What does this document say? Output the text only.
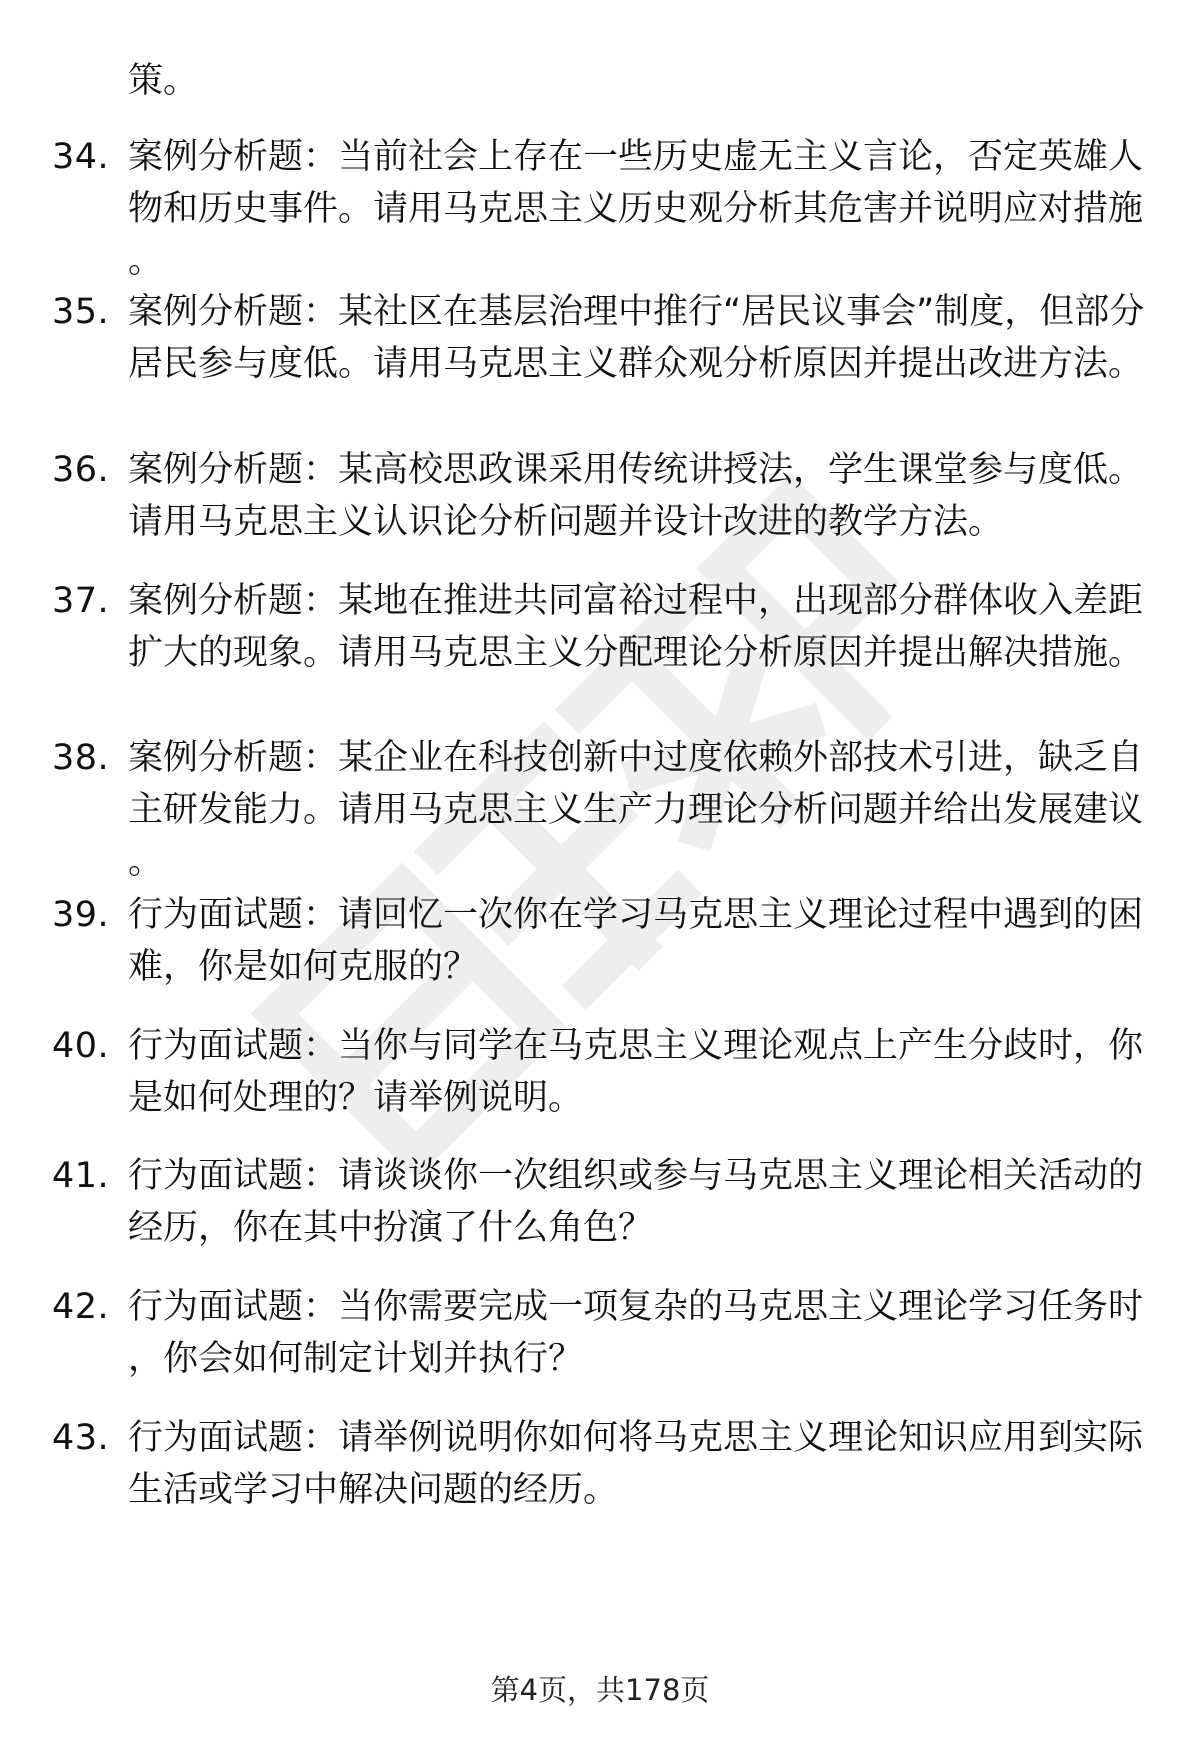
策。

34. 案例分析题：当前社会上存在一些历史虚无主义言论，否定英雄人物和历史事件。请用马克思主义历史观分析其危害并说明应对措施。
35. 案例分析题：某社区在基层治理中推行“居民议事会”制度，但部分居民参与度低。请用马克思主义群众观分析原因并提出改进方法。
36. 案例分析题：某高校思政课采用传统讲授法，学生课堂参与度低。请用马克思主义认识论分析问题并设计改进的教学方法。
37. 案例分析题：某地在推进共同富裕过程中，出现部分群体收入差距扩大的现象。请用马克思主义分配理论分析原因并提出解决措施。
38. 案例分析题：某企业在科技创新中过度依赖外部技术引进，缺乏自主研发能力。请用马克思主义生产力理论分析问题并给出发展建议。
39. 行为面试题：请回忆一次你在学习马克思主义理论过程中遇到的困难，你是如何克服的？
40. 行为面试题：当你与同学在马克思主义理论观点上产生分歧时，你是如何处理的？请举例说明。
41. 行为面试题：请谈谈你一次组织或参与马克思主义理论相关活动的经历，你在其中扮演了什么角色？
42. 行为面试题：当你需要完成一项复杂的马克思主义理论学习任务时，你会如何制定计划并执行？
43. 行为面试题：请举例说明你如何将马克思主义理论知识应用到实际生活或学习中解决问题的经历。
第4页，共178页
